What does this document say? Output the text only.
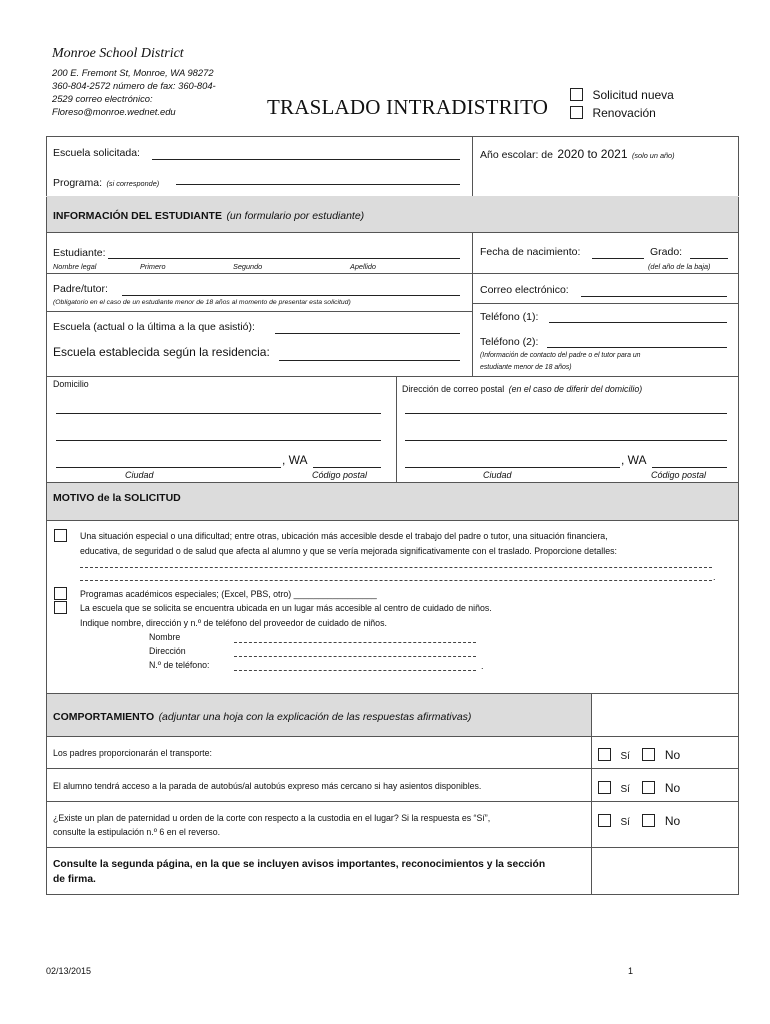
Monroe School District
200 E. Fremont St, Monroe, WA 98272
360-804-2572 número de fax: 360-804-
2529 correo electrónico:
Floreso@monroe.wednet.edu	TRASLADO INTRADISTRITO	Solicitud nueva
Renovación
Escuela solicitada:
Programa: (si corresponde)
Año escolar: de 2020 to 2021 (solo un año)
INFORMACIÓN DEL ESTUDIANTE (un formulario por estudiante)
Estudiante:
Nombre legal	Primero	Segundo	Apellido
Fecha de nacimiento:	Grado:
(del año de la baja)
Padre/tutor:
(Obligatorio en el caso de un estudiante menor de 18 años al momento de presentar esta solicitud)
Correo electrónico:
Escuela (actual o la última a la que asistió):
Teléfono (1):
Escuela establecida según la residencia:
Teléfono (2):
(Información de contacto del padre o el tutor para un
estudiante menor de 18 años)
Domicilio	Dirección de correo postal (en el caso de diferir del domicilio)
, WA
Ciudad	Código postal
, WA
Ciudad	Código postal
MOTIVO de la SOLICITUD
Una situación especial o una dificultad; entre otras, ubicación más accesible desde el trabajo del padre o tutor, una situación financiera,
educativa, de seguridad o de salud que afecta al alumno y que se vería mejorada significativamente con el traslado. Proporcione detalles:
.
Programas académicos especiales; (Excel, PBS, otro) _________________
La escuela que se solicita se encuentra ubicada en un lugar más accesible al centro de cuidado de niños.
Indique nombre, dirección y n.º de teléfono del proveedor de cuidado de niños.
Nombre
Dirección
N.º de teléfono:	.
COMPORTAMIENTO (adjuntar una hoja con la explicación de las respuestas afirmativas)
Los padres proporcionarán el transporte:	Sí	No
El alumno tendrá acceso a la parada de autobús/al autobús expreso más cercano si hay asientos disponibles.	Sí	No
¿Existe un plan de paternidad u orden de la corte con respecto a la custodia en el lugar? Si la respuesta es “Sí”,
consulte la estipulación n.º 6 en el reverso.
Sí	No
Consulte la segunda página, en la que se incluyen avisos importantes, reconocimientos y la sección
de firma.
02/13/2015	1
